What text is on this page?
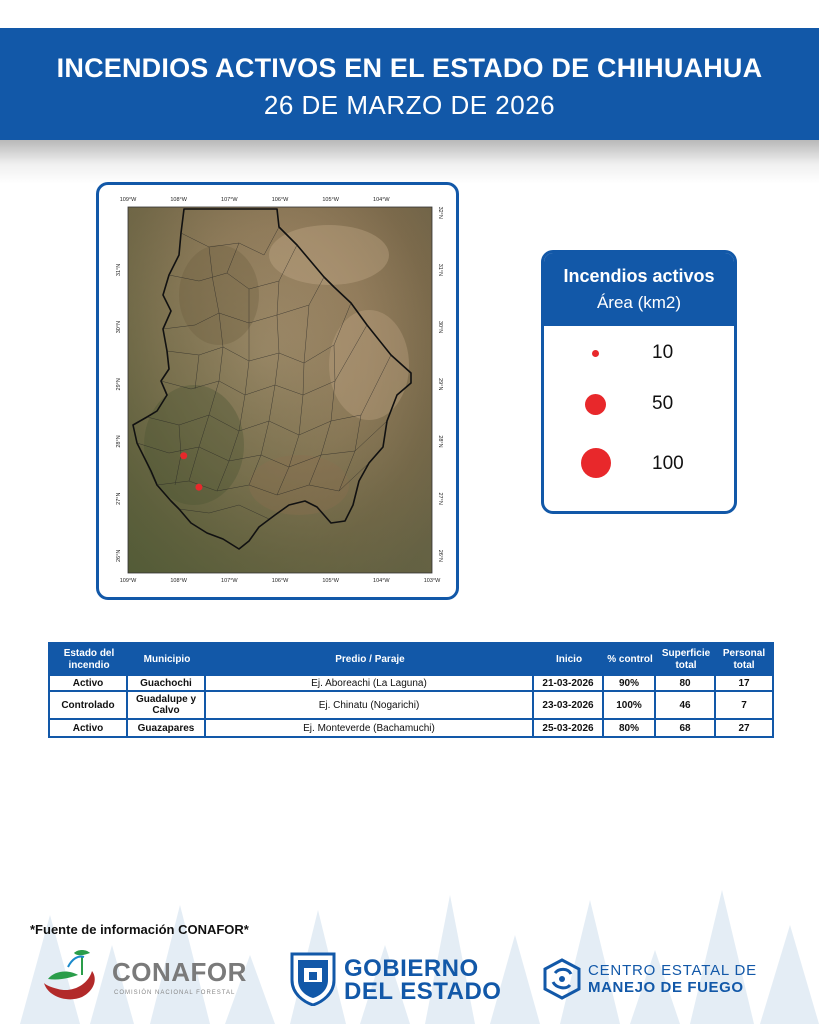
INCENDIOS ACTIVOS EN EL ESTADO DE CHIHUAHUA
26 DE MARZO DE 2026
109°W	108°W	107°W	106°W	105°W	104°W
109°W	108°W	107°W	106°W	105°W	104°W	103°W
31°N
30°N
29°N
28°N
27°N
26°N
32°N
31°N
30°N
29°N
28°N
27°N
26°N
Incendios activos
Área (km2)
10
50
100
Estado del incendio	Municipio	Predio / Paraje	Inicio	% control	Superficie total	Personal total
Activo	Guachochi	Ej. Aboreachi (La Laguna)	21-03-2026	90%	80	17
Controlado	Guadalupe y Calvo	Ej. Chinatu (Nogarichi)	23-03-2026	100%	46	7
Activo	Guazapares	Ej. Monteverde (Bachamuchi)	25-03-2026	80%	68	27
*Fuente de información CONAFOR*
CONAFOR
COMISIÓN NACIONAL FORESTAL
GOBIERNO
DEL ESTADO
CENTRO ESTATAL DE
MANEJO DE FUEGO
